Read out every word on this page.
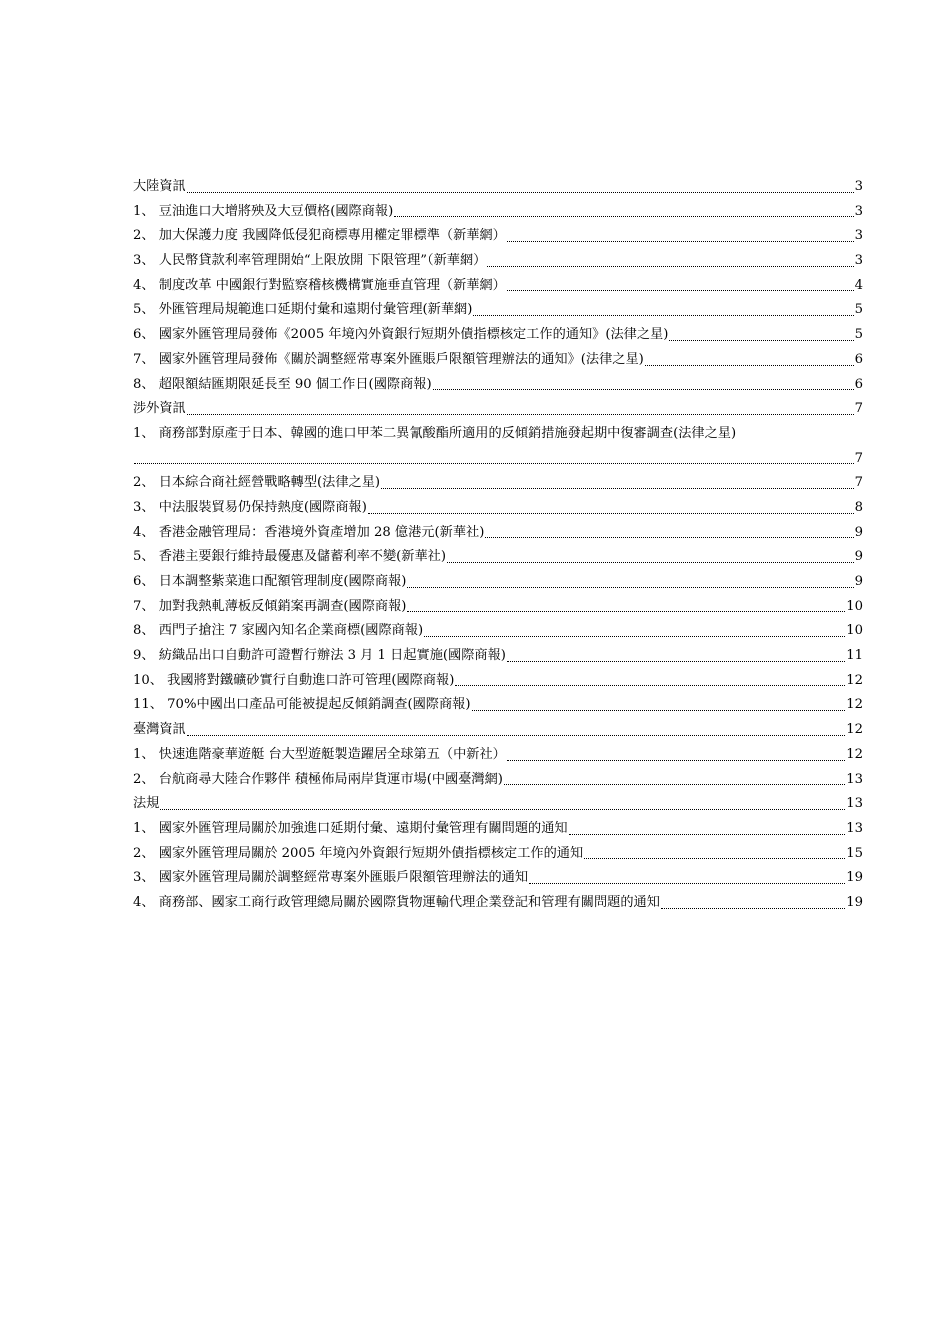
大陸資訊	3
1、 豆油進口大增將殃及大豆價格(國際商報)	3
2、 加大保護力度 我國降低侵犯商標專用權定罪標準（新華網）	3
3、 人民幣貸款利率管理開始“上限放開 下限管理”（新華網）	3
4、 制度改革 中國銀行對監察稽核機構實施垂直管理（新華網）	4
5、 外匯管理局規範進口延期付彙和遠期付彙管理(新華網)	5
6、 國家外匯管理局發佈《2005 年境內外資銀行短期外債指標核定工作的通知》(法律之星)	5
7、 國家外匯管理局發佈《關於調整經常專案外匯賬戶限額管理辦法的通知》(法律之星)	6
8、 超限額結匯期限延長至 90 個工作日(國際商報)	6
涉外資訊	7
1、 商務部對原產于日本、韓國的進口甲苯二異氰酸酯所適用的反傾銷措施發起期中復審調查(法律之星)
7
2、 日本綜合商社經營戰略轉型(法律之星)	7
3、 中法服裝貿易仍保持熱度(國際商報)	8
4、 香港金融管理局：香港境外資產增加 28 億港元(新華社)	9
5、 香港主要銀行維持最優惠及儲蓄利率不變(新華社)	9
6、 日本調整紫菜進口配額管理制度(國際商報)	9
7、 加對我熱軋薄板反傾銷案再調查(國際商報)	10
8、 西門子搶注 7 家國內知名企業商標(國際商報)	10
9、 紡織品出口自動許可證暫行辦法 3 月 1 日起實施(國際商報)	11
10、 我國將對鐵礦砂實行自動進口許可管理(國際商報)	12
11、 70%中國出口產品可能被提起反傾銷調查(國際商報)	12
臺灣資訊	12
1、 快速進階豪華遊艇 台大型遊艇製造躍居全球第五（中新社）	12
2、 台航商尋大陸合作夥伴 積極佈局兩岸貨運市場(中國臺灣網)	13
法規	13
1、 國家外匯管理局關於加強進口延期付彙、遠期付彙管理有關問題的通知	13
2、 國家外匯管理局關於 2005 年境內外資銀行短期外債指標核定工作的通知	15
3、 國家外匯管理局關於調整經常專案外匯賬戶限額管理辦法的通知	19
4、 商務部、國家工商行政管理總局關於國際貨物運輸代理企業登記和管理有關問題的通知	19
